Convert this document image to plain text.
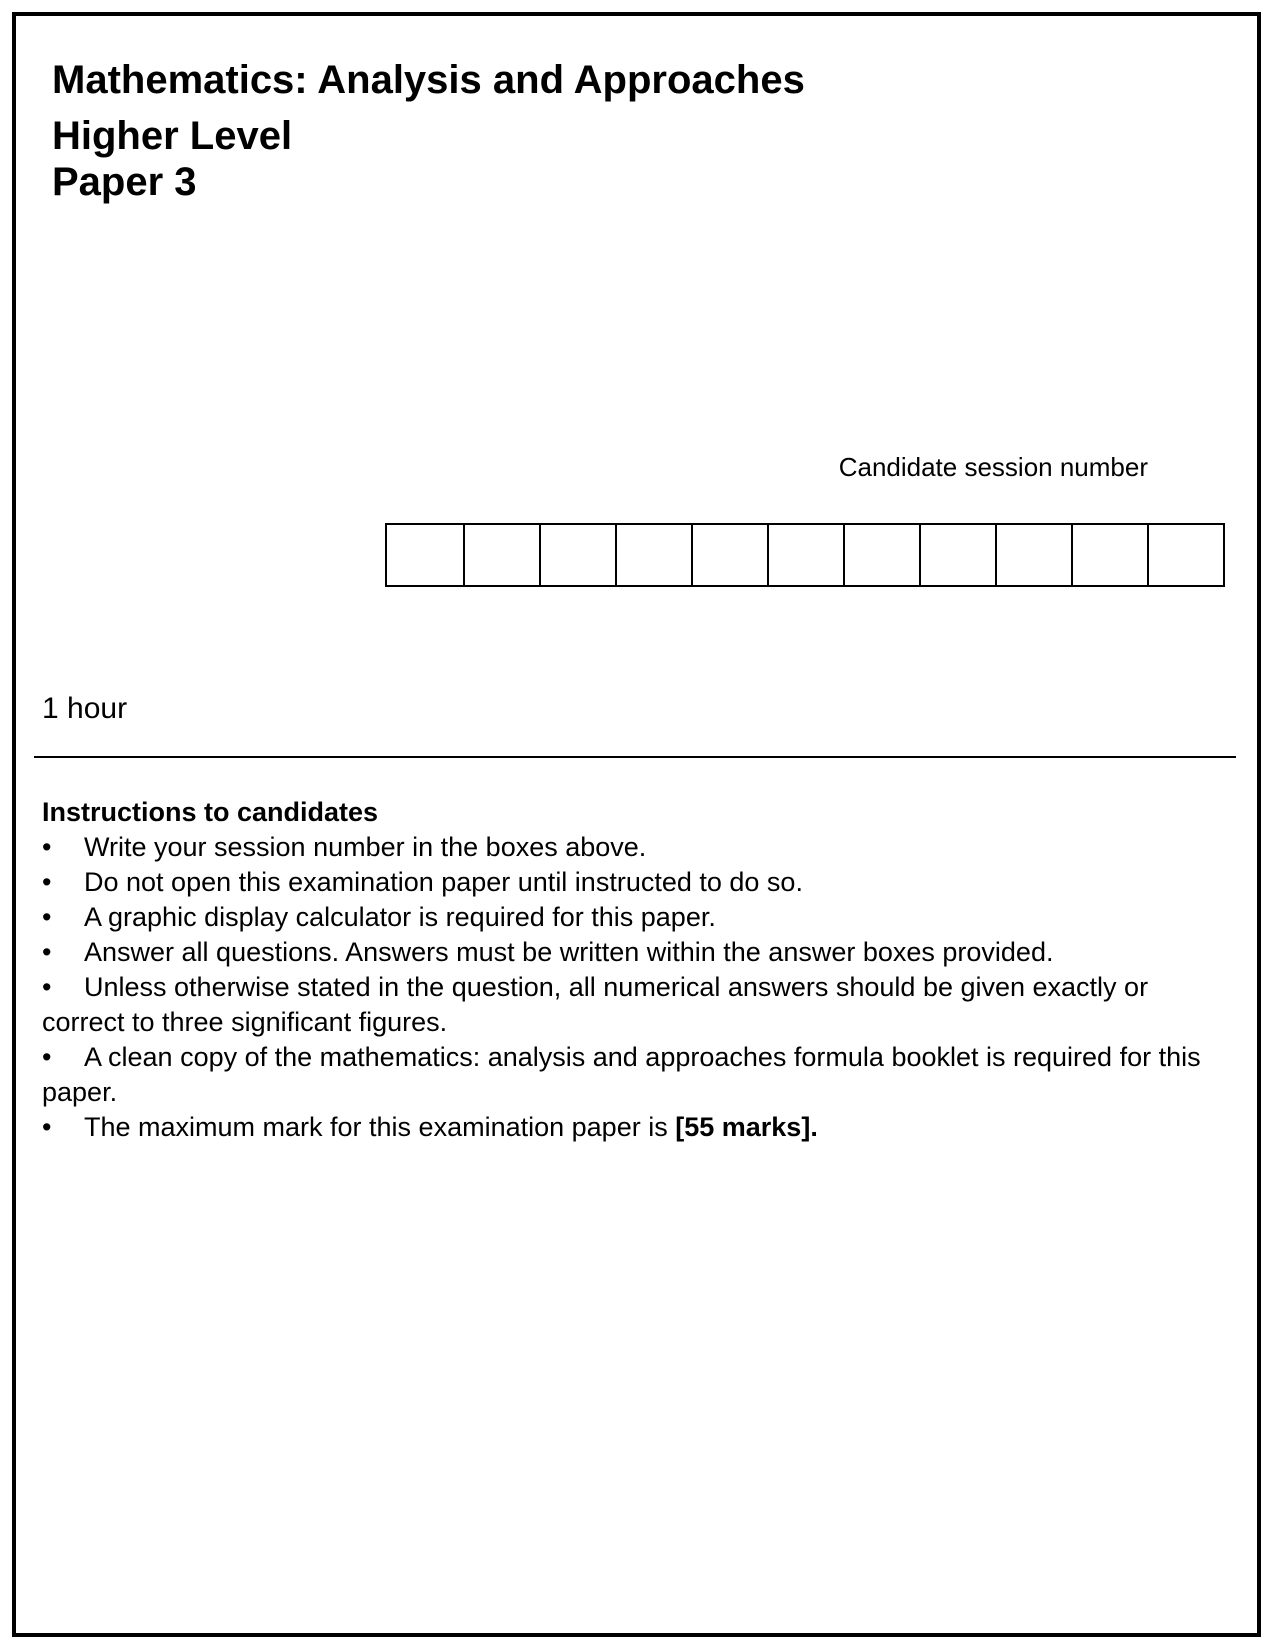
Mathematics: Analysis and Approaches
Higher Level
Paper 3
Candidate session number
1 hour
Instructions to candidates
• Write your session number in the boxes above.
• Do not open this examination paper until instructed to do so.
• A graphic display calculator is required for this paper.
• Answer all questions. Answers must be written within the answer boxes provided.
• Unless otherwise stated in the question, all numerical answers should be given exactly or correct to three significant figures.
• A clean copy of the mathematics: analysis and approaches formula booklet is required for this paper.
• The maximum mark for this examination paper is [55 marks].
